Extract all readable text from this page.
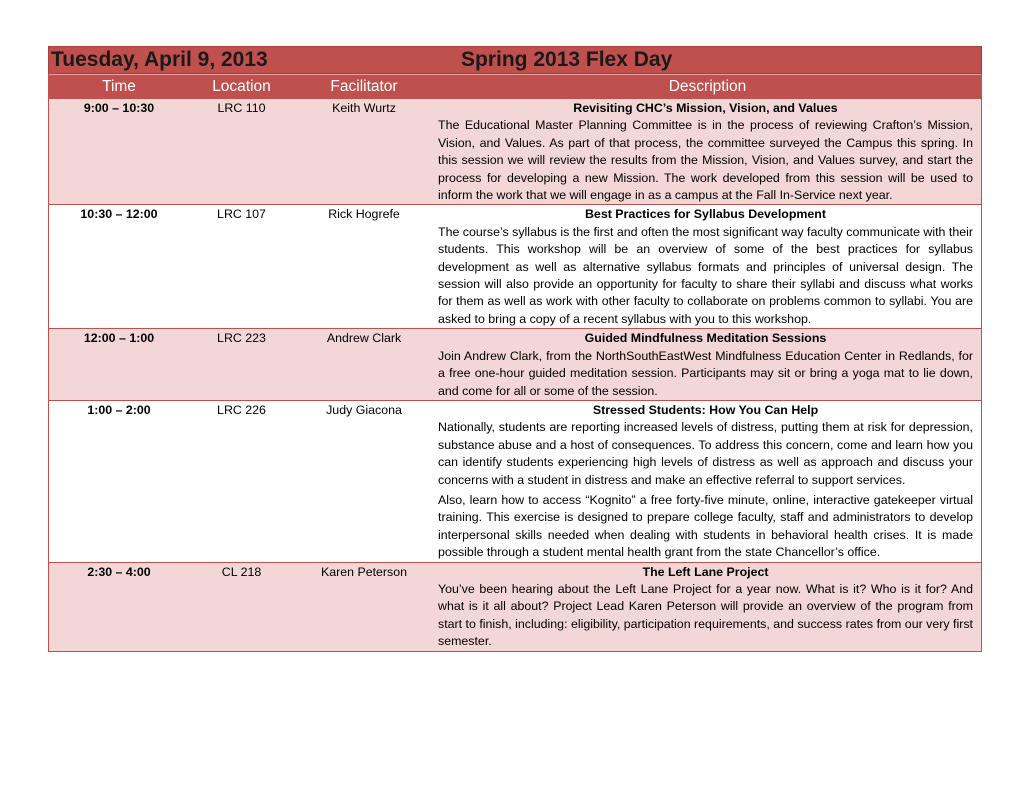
Tuesday, April 9, 2013	Spring 2013 Flex Day
Time	Location	Facilitator	Description
9:00 – 10:30	LRC 110	Keith Wurtz	Revisiting CHC’s Mission, Vision, and Values

The Educational Master Planning Committee is in the process of reviewing Crafton’s Mission, Vision, and Values. As part of that process, the committee surveyed the Campus this spring. In this session we will review the results from the Mission, Vision, and Values survey, and start the process for developing a new Mission. The work developed from this session will be used to inform the work that we will engage in as a campus at the Fall In-Service next year.

10:30 – 12:00	LRC 107	Rick Hogrefe	Best Practices for Syllabus Development

The course’s syllabus is the first and often the most significant way faculty communicate with their students. This workshop will be an overview of some of the best practices for syllabus development as well as alternative syllabus formats and principles of universal design. The session will also provide an opportunity for faculty to share their syllabi and discuss what works for them as well as work with other faculty to collaborate on problems common to syllabi. You are asked to bring a copy of a recent syllabus with you to this workshop.

12:00 – 1:00	LRC 223	Andrew Clark	Guided Mindfulness Meditation Sessions

Join Andrew Clark, from the NorthSouthEastWest Mindfulness Education Center in Redlands, for a free one-hour guided meditation session. Participants may sit or bring a yoga mat to lie down, and come for all or some of the session.

1:00 – 2:00	LRC 226	Judy Giacona	Stressed Students: How You Can Help

Nationally, students are reporting increased levels of distress, putting them at risk for depression, substance abuse and a host of consequences. To address this concern, come and learn how you can identify students experiencing high levels of distress as well as approach and discuss your concerns with a student in distress and make an effective referral to support services.

Also, learn how to access “Kognito” a free forty-five minute, online, interactive gatekeeper virtual training. This exercise is designed to prepare college faculty, staff and administrators to develop interpersonal skills needed when dealing with students in behavioral health crises. It is made possible through a student mental health grant from the state Chancellor’s office.

2:30 – 4:00	CL 218	Karen Peterson	The Left Lane Project

You’ve been hearing about the Left Lane Project for a year now. What is it? Who is it for? And what is it all about? Project Lead Karen Peterson will provide an overview of the program from start to finish, including: eligibility, participation requirements, and success rates from our very first semester.
